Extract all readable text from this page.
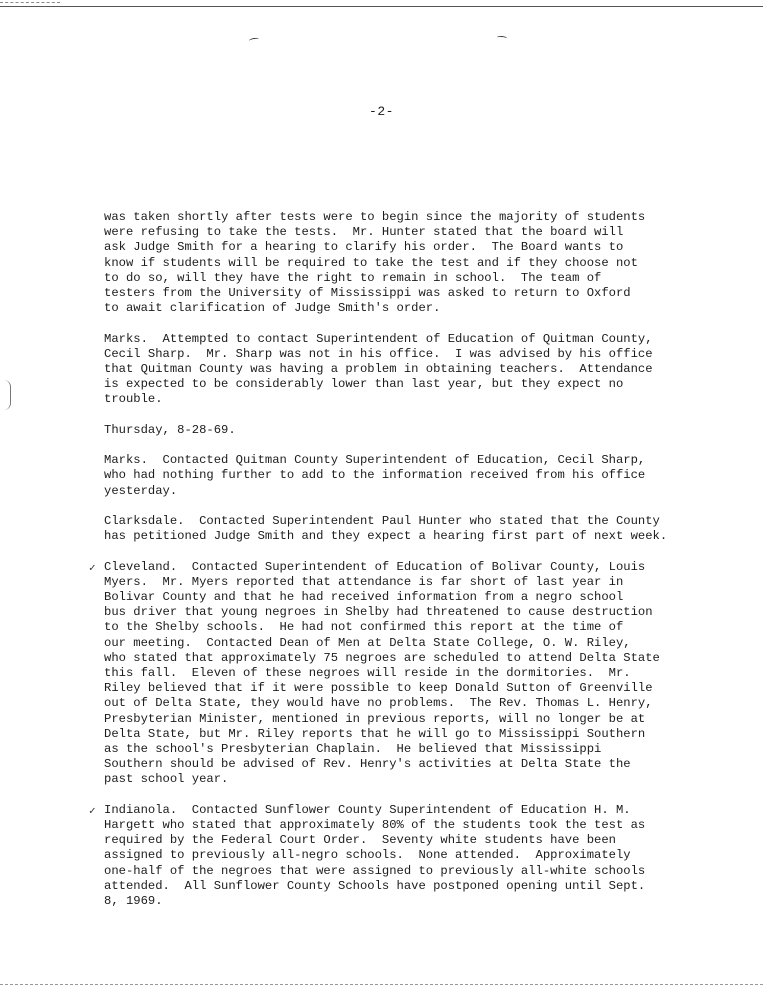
-2-
was taken shortly after tests were to begin since the majority of students
were refusing to take the tests.  Mr. Hunter stated that the board will
ask Judge Smith for a hearing to clarify his order.  The Board wants to
know if students will be required to take the test and if they choose not
to do so, will they have the right to remain in school.  The team of
testers from the University of Mississippi was asked to return to Oxford
to await clarification of Judge Smith's order.
Marks.  Attempted to contact Superintendent of Education of Quitman County,
Cecil Sharp.  Mr. Sharp was not in his office.  I was advised by his office
that Quitman County was having a problem in obtaining teachers.  Attendance
is expected to be considerably lower than last year, but they expect no
trouble.
Thursday, 8-28-69.
Marks.  Contacted Quitman County Superintendent of Education, Cecil Sharp,
who had nothing further to add to the information received from his office
yesterday.
Clarksdale.  Contacted Superintendent Paul Hunter who stated that the County
has petitioned Judge Smith and they expect a hearing first part of next week.
✓ Cleveland.  Contacted Superintendent of Education of Bolivar County, Louis
Myers.  Mr. Myers reported that attendance is far short of last year in
Bolivar County and that he had received information from a negro school
bus driver that young negroes in Shelby had threatened to cause destruction
to the Shelby schools.  He had not confirmed this report at the time of
our meeting.  Contacted Dean of Men at Delta State College, O. W. Riley,
who stated that approximately 75 negroes are scheduled to attend Delta State
this fall.  Eleven of these negroes will reside in the dormitories.  Mr.
Riley believed that if it were possible to keep Donald Sutton of Greenville
out of Delta State, they would have no problems.  The Rev. Thomas L. Henry,
Presbyterian Minister, mentioned in previous reports, will no longer be at
Delta State, but Mr. Riley reports that he will go to Mississippi Southern
as the school's Presbyterian Chaplain.  He believed that Mississippi
Southern should be advised of Rev. Henry's activities at Delta State the
past school year.
✓ Indianola.  Contacted Sunflower County Superintendent of Education H. M.
Hargett who stated that approximately 80% of the students took the test as
required by the Federal Court Order.  Seventy white students have been
assigned to previously all-negro schools.  None attended.  Approximately
one-half of the negroes that were assigned to previously all-white schools
attended.  All Sunflower County Schools have postponed opening until Sept.
8, 1969.
